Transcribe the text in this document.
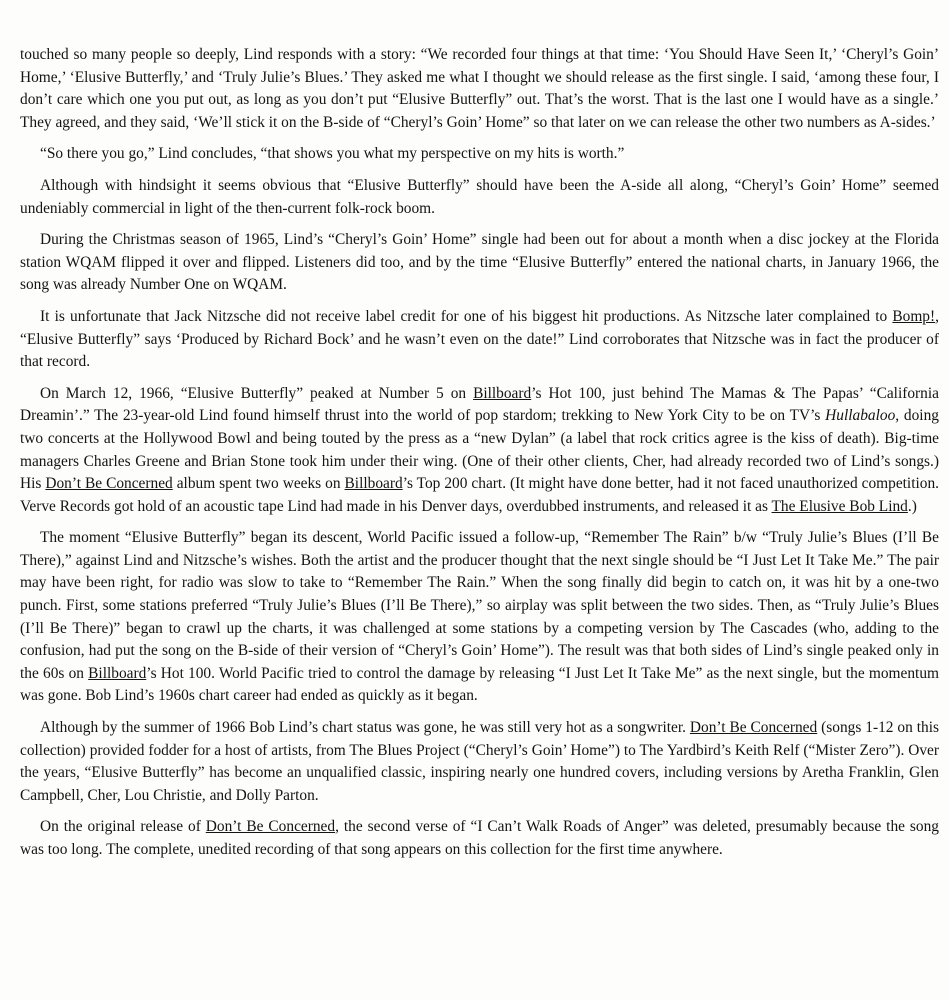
touched so many people so deeply, Lind responds with a story: “We recorded four things at that time: ‘You Should Have Seen It,’ ‘Cheryl’s Goin’ Home,’ ‘Elusive Butterfly,’ and ‘Truly Julie’s Blues.’ They asked me what I thought we should release as the first single. I said, ‘among these four, I don’t care which one you put out, as long as you don’t put “Elusive Butterfly” out. That’s the worst. That is the last one I would have as a single.’ They agreed, and they said, ‘We’ll stick it on the B-side of “Cheryl’s Goin’ Home” so that later on we can release the other two numbers as A-sides.’

“So there you go,” Lind concludes, “that shows you what my perspective on my hits is worth.”

Although with hindsight it seems obvious that “Elusive Butterfly” should have been the A-side all along, “Cheryl’s Goin’ Home” seemed undeniably commercial in light of the then-current folk-rock boom.

During the Christmas season of 1965, Lind’s “Cheryl’s Goin’ Home” single had been out for about a month when a disc jockey at the Florida station WQAM flipped it over and flipped. Listeners did too, and by the time “Elusive Butterfly” entered the national charts, in January 1966, the song was already Number One on WQAM.

It is unfortunate that Jack Nitzsche did not receive label credit for one of his biggest hit productions. As Nitzsche later complained to Bomp!, “Elusive Butterfly” says ‘Produced by Richard Bock’ and he wasn’t even on the date!” Lind corroborates that Nitzsche was in fact the producer of that record.

On March 12, 1966, “Elusive Butterfly” peaked at Number 5 on Billboard’s Hot 100, just behind The Mamas & The Papas’ “California Dreamin’.” The 23-year-old Lind found himself thrust into the world of pop stardom; trekking to New York City to be on TV’s Hullabaloo, doing two concerts at the Hollywood Bowl and being touted by the press as a “new Dylan” (a label that rock critics agree is the kiss of death). Big-time managers Charles Greene and Brian Stone took him under their wing. (One of their other clients, Cher, had already recorded two of Lind’s songs.) His Don’t Be Concerned album spent two weeks on Billboard’s Top 200 chart. (It might have done better, had it not faced unauthorized competition. Verve Records got hold of an acoustic tape Lind had made in his Denver days, overdubbed instruments, and released it as The Elusive Bob Lind.)

The moment “Elusive Butterfly” began its descent, World Pacific issued a follow-up, “Remember The Rain” b/w “Truly Julie’s Blues (I’ll Be There),” against Lind and Nitzsche’s wishes. Both the artist and the producer thought that the next single should be “I Just Let It Take Me.” The pair may have been right, for radio was slow to take to “Remember The Rain.” When the song finally did begin to catch on, it was hit by a one-two punch. First, some stations preferred “Truly Julie’s Blues (I’ll Be There),” so airplay was split between the two sides. Then, as “Truly Julie’s Blues (I’ll Be There)” began to crawl up the charts, it was challenged at some stations by a competing version by The Cascades (who, adding to the confusion, had put the song on the B-side of their version of “Cheryl’s Goin’ Home”). The result was that both sides of Lind’s single peaked only in the 60s on Billboard’s Hot 100. World Pacific tried to control the damage by releasing “I Just Let It Take Me” as the next single, but the momentum was gone. Bob Lind’s 1960s chart career had ended as quickly as it began.

Although by the summer of 1966 Bob Lind’s chart status was gone, he was still very hot as a songwriter. Don’t Be Concerned (songs 1-12 on this collection) provided fodder for a host of artists, from The Blues Project (“Cheryl’s Goin’ Home”) to The Yardbird’s Keith Relf (“Mister Zero”). Over the years, “Elusive Butterfly” has become an unqualified classic, inspiring nearly one hundred covers, including versions by Aretha Franklin, Glen Campbell, Cher, Lou Christie, and Dolly Parton.

On the original release of Don’t Be Concerned, the second verse of “I Can’t Walk Roads of Anger” was deleted, presumably because the song was too long. The complete, unedited recording of that song appears on this collection for the first time anywhere.
